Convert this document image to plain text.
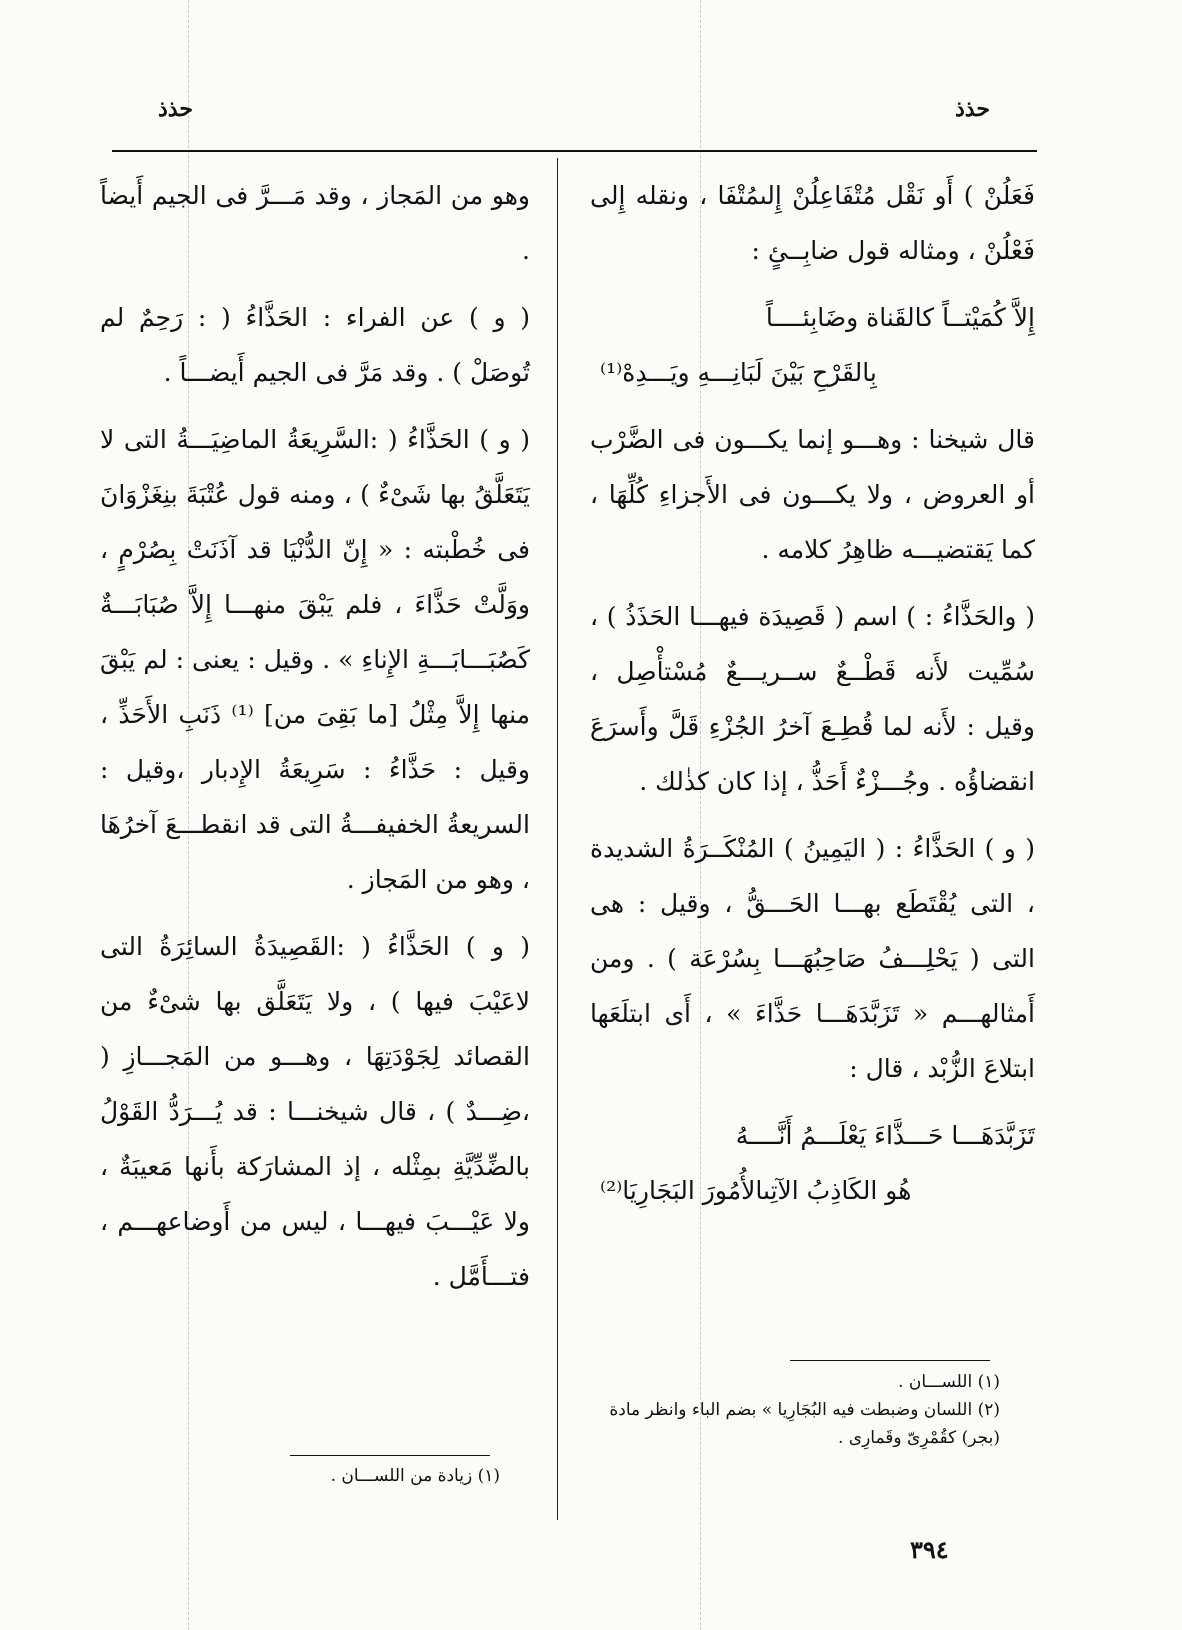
حذذ	حذذ

فَعَلُنْ ) أَو نَقْل مُتْفَاعِلُنْ إِلىمُتْفَا ، ونقله إِلى فَعْلُنْ ، ومثاله قول ضابِــئٍ :

إِلاَّ كُمَيْتــاً كالقَناة وضَابِئــــاً

بِالقَرْحِ بَيْنَ لَبَانِـــهِ ويَـــدِهْ⁽¹⁾

قال شيخنا : وهـــو إنما يكـــون فى الضَّرْب أو العروض ، ولا يكـــون فى الأَجزاءِ كُلِّهَا ، كما يَقتضيـــه ظاهِرُ كلامه .

( والحَذَّاءُ : ) اسم ( قَصِيدَة فيهـــا الحَذَذُ ) ، سُمِّيت لأَنه قَطْــعٌ ســريـــعٌ مُسْتأْصِل ، وقيل : لأَنه لما قُطِـعَ آخرُ الجُزْءِ قَلَّ وأَسرَعَ انقضاؤُه . وجُـــزْءٌ أَحَذُّ ، إذا كان كذٰلك .

( و ) الحَذَّاءُ : ( اليَمِينُ ) المُنْكَــرَةُ الشديدة ، التى يُقْتَطَع بهـــا الحَـــقُّ ، وقيل : هى التى ( يَحْلِـــفُ صَاحِبُهَـــا بِسُرْعَة ) . ومن أَمثالهـــم « تَزَبَّدَهَـــا حَذَّاءَ » ، أَى ابتلَعَها ابتلاعَ الزُّبْد ، قال :

تَزَبَّدَهَـــا حَـــذَّاءَ يَعْلَـــمُ أَنَّــــهُ

هُو الكَاذِبُ الآتِىالأُمُورَ البَجَارِيَا⁽²⁾

(١) اللســـان .
(٢) اللسان وضبطت فيه البُجَارِيا » بضم الباء وانظر مادة (بجر) كقُمْرِىّ وقَمارِى .

وهو من المَجاز ، وقد مَـــرَّ فى الجيم أَيضاً .

( و ) عن الفراء : الحَذَّاءُ ( : رَحِمٌ لم تُوصَلْ ) . وقد مَرَّ فى الجيم أَيضـــاً .

( و ) الحَذَّاءُ ( :السَّرِيعَةُ الماضِيَـــةُ التى لا يَتَعَلَّقُ بها شَىْءٌ ) ، ومنه قول عُتْبَةَ بنِغَزْوَانَ فى خُطْبته : « إِنّ الدُّنْيَا قد آذَنَتْ بِصُرْمٍ ، ووَلَّتْ حَذَّاءَ ، فلم يَبْقَ منهـــا إِلاَّ صُبَابَـــةٌ كَصُبَـــابَـــةِ الإِناءِ » . وقيل : يعنى : لم يَبْقَ منها إِلاَّ مِثْلُ [ما بَقِىَ من] ⁽¹⁾ ذَنَبِ الأَحَذِّ ، وقيل : حَذَّاءُ : سَرِيعَةُ الإِدبار ،وقيل : السريعةُ الخفيفـــةُ التى قد انقطـــعَ آخرُهَا ، وهو من المَجاز .

( و ) الحَذَّاءُ ( :القَصِيدَةُ السائِرَةُ التى لاعَيْبَ فيها ) ، ولا يَتَعَلَّق بها شىْءٌ من القصائد لِجَوْدَتِهَا ، وهـــو من المَجـــازِ ( ،ضِـــدٌ ) ، قال شيخنـــا : قد يُـــرَدُّ القَوْلُ بالضِّدِّيَّةِ بمِثْله ، إذ المشارَكة بأَنها مَعيبَةٌ ، ولا عَيْـــبَ فيهـــا ، ليس من أَوضاعهـــم ، فتـــأَمَّل .

(١) زيادة من اللســـان .
٣٩٤
